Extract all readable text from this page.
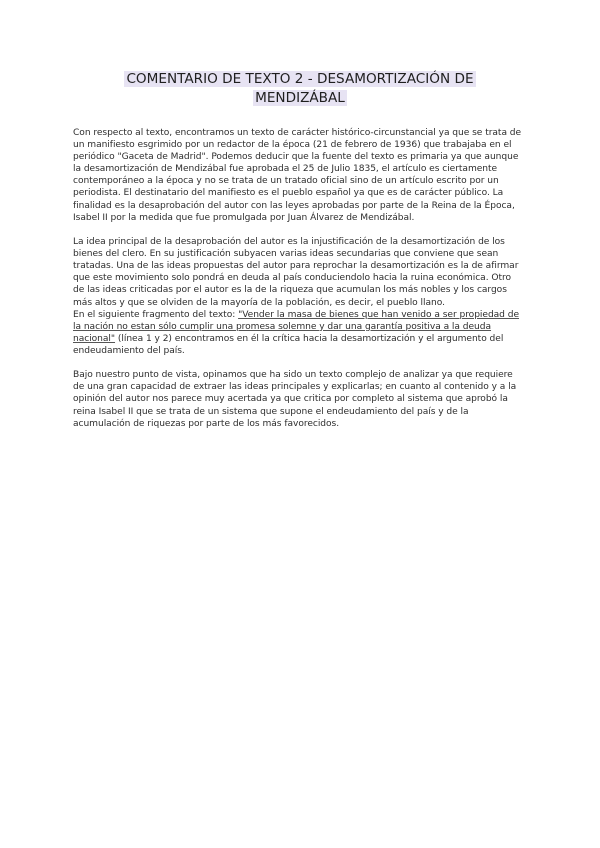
COMENTARIO DE TEXTO 2 - DESAMORTIZACIÓN DE
MENDIZÁBAL

Con respecto al texto, encontramos un texto de carácter histórico-circunstancial ya que se trata de un manifiesto esgrimido por un redactor de la época (21 de febrero de 1936) que trabajaba en el periódico "Gaceta de Madrid". Podemos deducir que la fuente del texto es primaria ya que aunque la desamortización de Mendizábal fue aprobada el 25 de Julio 1835, el artículo es ciertamente contemporáneo a la época y no se trata de un tratado oficial sino de un artículo escrito por un periodista. El destinatario del manifiesto es el pueblo español ya que es de carácter público. La finalidad es la desaprobación del autor con las leyes aprobadas por parte de la Reina de la Época, Isabel II por la medida que fue promulgada por Juan Álvarez de Mendizábal.

La idea principal de la desaprobación del autor es la injustificación de la desamortización de los bienes del clero. En su justificación subyacen varias ideas secundarias que conviene que sean tratadas. Una de las ideas propuestas del autor para reprochar la desamortización es la de afirmar que este movimiento solo pondrá en deuda al país conduciendolo hacia la ruina económica. Otro de las ideas criticadas por el autor es la de la riqueza que acumulan los más nobles y los cargos más altos y que se olviden de la mayoría de la población, es decir, el pueblo llano.
En el siguiente fragmento del texto: "Vender la masa de bienes que han venido a ser propiedad de la nación no estan sólo cumplir una promesa solemne y dar una garantía positiva a la deuda nacional" (línea 1 y 2) encontramos en él la crítica hacia la desamortización y el argumento del endeudamiento del país.

Bajo nuestro punto de vista, opinamos que ha sido un texto complejo de analizar ya que requiere de una gran capacidad de extraer las ideas principales y explicarlas; en cuanto al contenido y a la opinión del autor nos parece muy acertada ya que critica por completo al sistema que aprobó la reina Isabel II que se trata de un sistema que supone el endeudamiento del país y de la acumulación de riquezas por parte de los más favorecidos.
